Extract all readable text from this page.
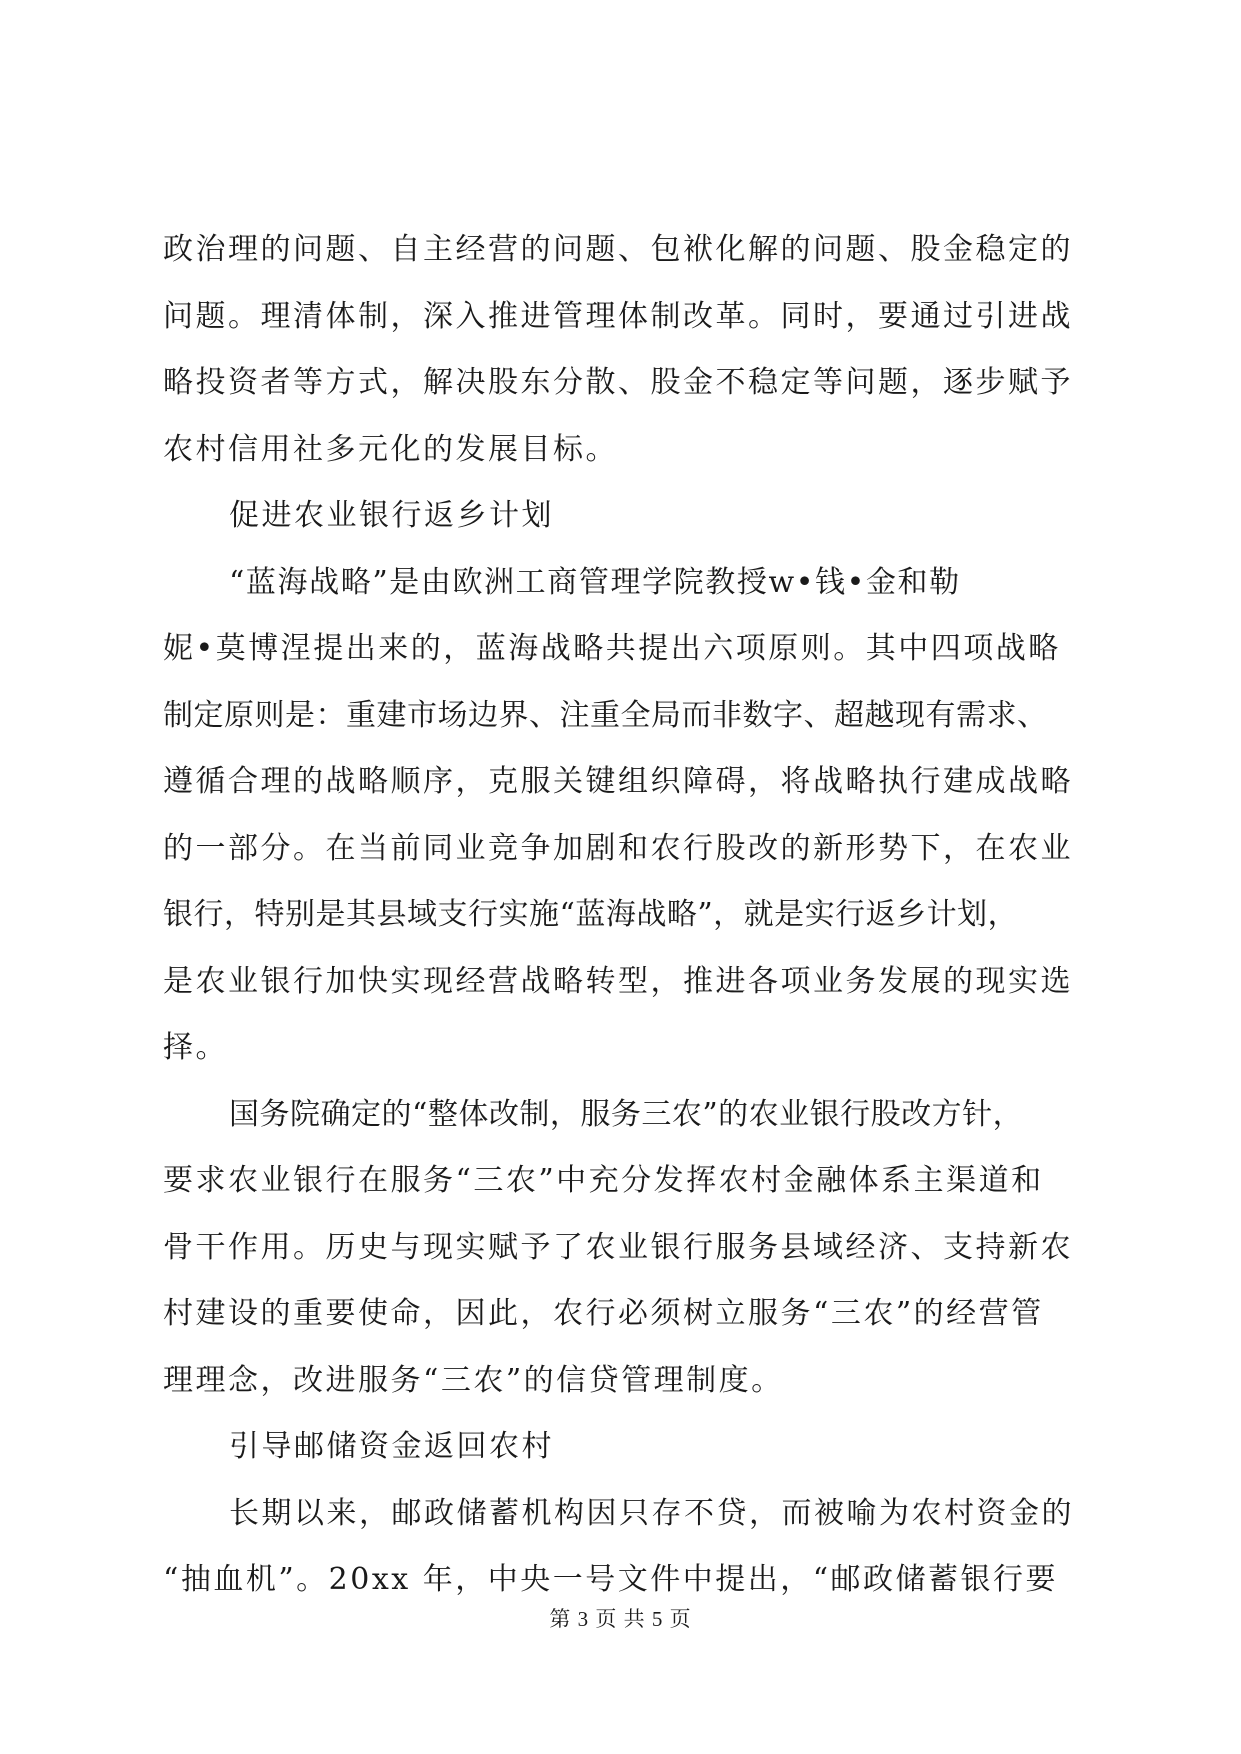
政治理的问题、自主经营的问题、包袱化解的问题、股金稳定的
问题。理清体制，深入推进管理体制改革。同时，要通过引进战
略投资者等方式，解决股东分散、股金不稳定等问题，逐步赋予
农村信用社多元化的发展目标。
促进农业银行返乡计划
“蓝海战略”是由欧洲工商管理学院教授w•钱•金和勒
妮•莫博涅提出来的，蓝海战略共提出六项原则。其中四项战略
制定原则是：重建市场边界、注重全局而非数字、超越现有需求、
遵循合理的战略顺序，克服关键组织障碍，将战略执行建成战略
的一部分。在当前同业竞争加剧和农行股改的新形势下，在农业
银行，特别是其县域支行实施“蓝海战略”，就是实行返乡计划，
是农业银行加快实现经营战略转型，推进各项业务发展的现实选
择。
国务院确定的“整体改制，服务三农”的农业银行股改方针，
要求农业银行在服务“三农”中充分发挥农村金融体系主渠道和
骨干作用。历史与现实赋予了农业银行服务县域经济、支持新农
村建设的重要使命，因此，农行必须树立服务“三农”的经营管
理理念，改进服务“三农”的信贷管理制度。
引导邮储资金返回农村
长期以来，邮政储蓄机构因只存不贷，而被喻为农村资金的
“抽血机”。20xx 年，中央一号文件中提出，“邮政储蓄银行要
第 3 页 共 5 页
